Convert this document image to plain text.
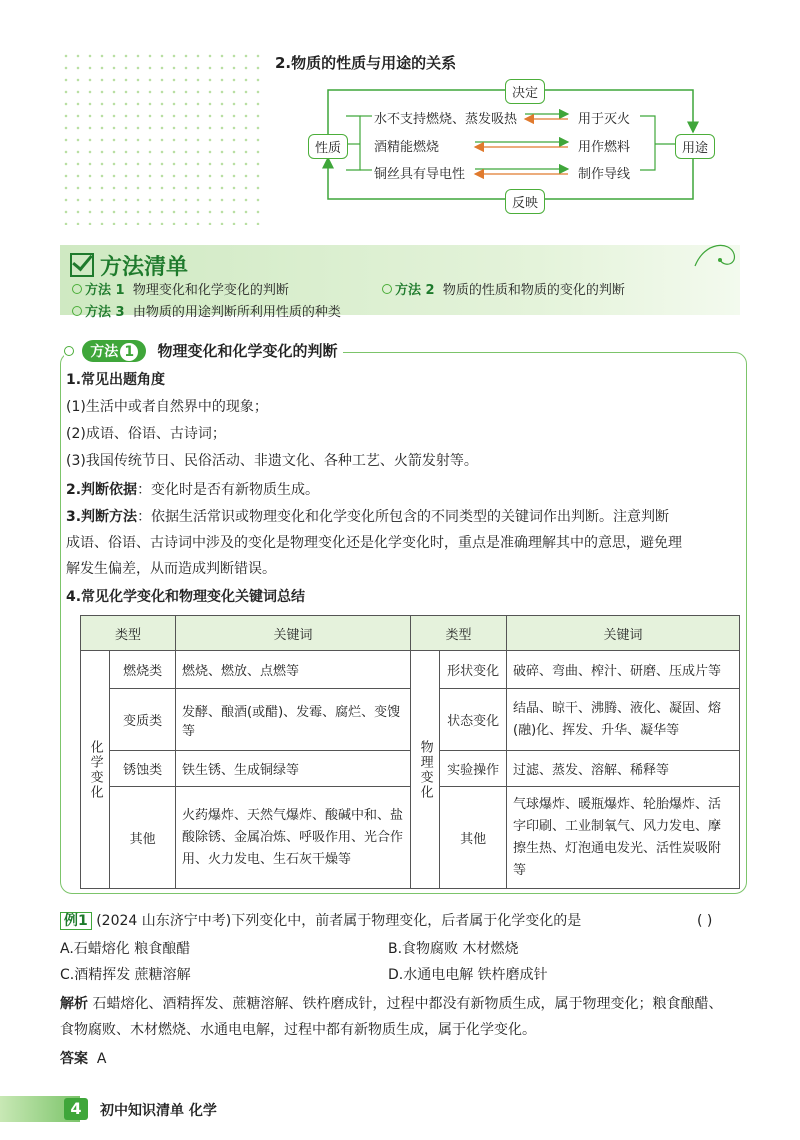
2.物质的性质与用途的关系
决定
反映
性质	用途
水不支持燃烧、蒸发吸热	用于灭火
酒精能燃烧	用作燃料
铜丝具有导电性	制作导线
方法清单
方法 1 物理变化和化学变化的判断	方法 2 物质的性质和物质的变化的判断
方法 3 由物质的用途判断所利用性质的种类
方法 1 物理变化和化学变化的判断
1.常见出题角度
(1)生活中或者自然界中的现象；
(2)成语、俗语、古诗词；
(3)我国传统节日、民俗活动、非遗文化、各种工艺、火箭发射等。
2.判断依据：变化时是否有新物质生成。
3.判断方法：依据生活常识或物理变化和化学变化所包含的不同类型的关键词作出判断。注意判断
成语、俗语、古诗词中涉及的变化是物理变化还是化学变化时，重点是准确理解其中的意思，避免理
解发生偏差，从而造成判断错误。
4.常见化学变化和物理变化关键词总结
类型		关键词	类型		关键词
化学变化	燃烧类	燃烧、燃放、点燃等	物理变化	形状变化	破碎、弯曲、榨汁、研磨、压成片等
	变质类	发酵、酿酒(或醋)、发霉、腐烂、变馊等		状态变化	结晶、晾干、沸腾、液化、凝固、熔(融)化、挥发、升华、凝华等
	锈蚀类	铁生锈、生成铜绿等		实验操作	过滤、蒸发、溶解、稀释等
	其他	火药爆炸、天然气爆炸、酸碱中和、盐酸除锈、金属冶炼、呼吸作用、光合作用、火力发电、生石灰干燥等		其他	气球爆炸、暖瓶爆炸、轮胎爆炸、活字印刷、工业制氧气、风力发电、摩擦生热、灯泡通电发光、活性炭吸附等
例1 (2024 山东济宁中考)下列变化中，前者属于物理变化，后者属于化学变化的是	( )
A.石蜡熔化 粮食酿醋	B.食物腐败 木材燃烧
C.酒精挥发 蔗糖溶解	D.水通电电解 铁杵磨成针
解析 石蜡熔化、酒精挥发、蔗糖溶解、铁杵磨成针，过程中都没有新物质生成，属于物理变化；粮食酿醋、
食物腐败、木材燃烧、水通电电解，过程中都有新物质生成，属于化学变化。
答案 A
4	初中知识清单 化学
